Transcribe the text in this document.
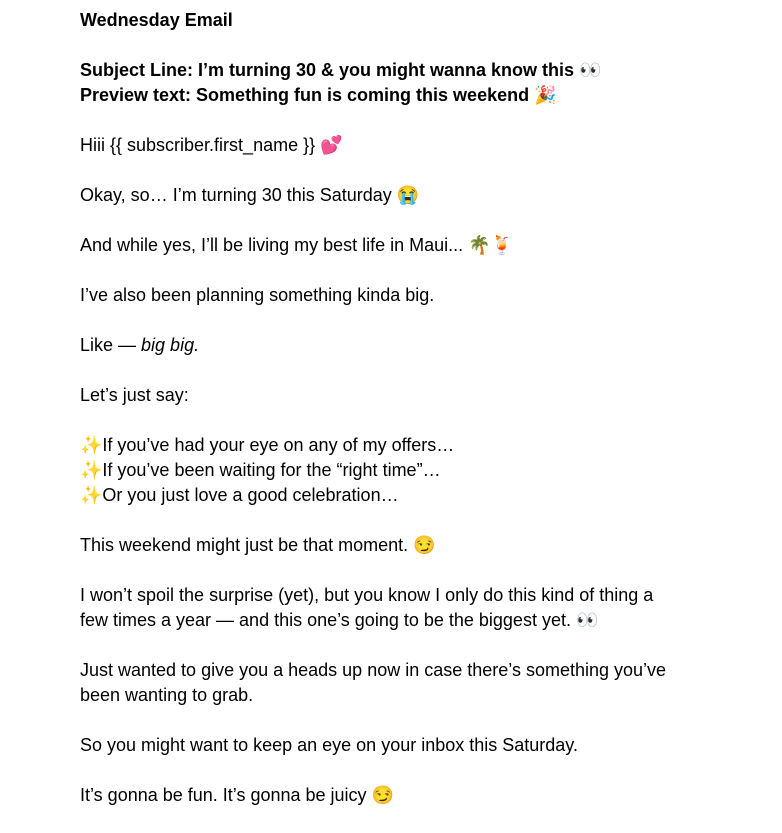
Wednesday Email

Subject Line: I’m turning 30 & you might wanna know this 👀

Preview text: Something fun is coming this weekend 🎉

Hiii {{ subscriber.first_name }} 💕

Okay, so… I’m turning 30 this Saturday 😭

And while yes, I’ll be living my best life in Maui... 🌴🍹

I’ve also been planning something kinda big.

Like — big big.

Let’s just say:

✨If you’ve had your eye on any of my offers…

✨If you’ve been waiting for the “right time”…

✨Or you just love a good celebration…

This weekend might just be that moment. 😏

I won’t spoil the surprise (yet), but you know I only do this kind of thing a

few times a year — and this one’s going to be the biggest yet. 👀

Just wanted to give you a heads up now in case there’s something you’ve

been wanting to grab.

So you might want to keep an eye on your inbox this Saturday.

It’s gonna be fun. It’s gonna be juicy 😏
